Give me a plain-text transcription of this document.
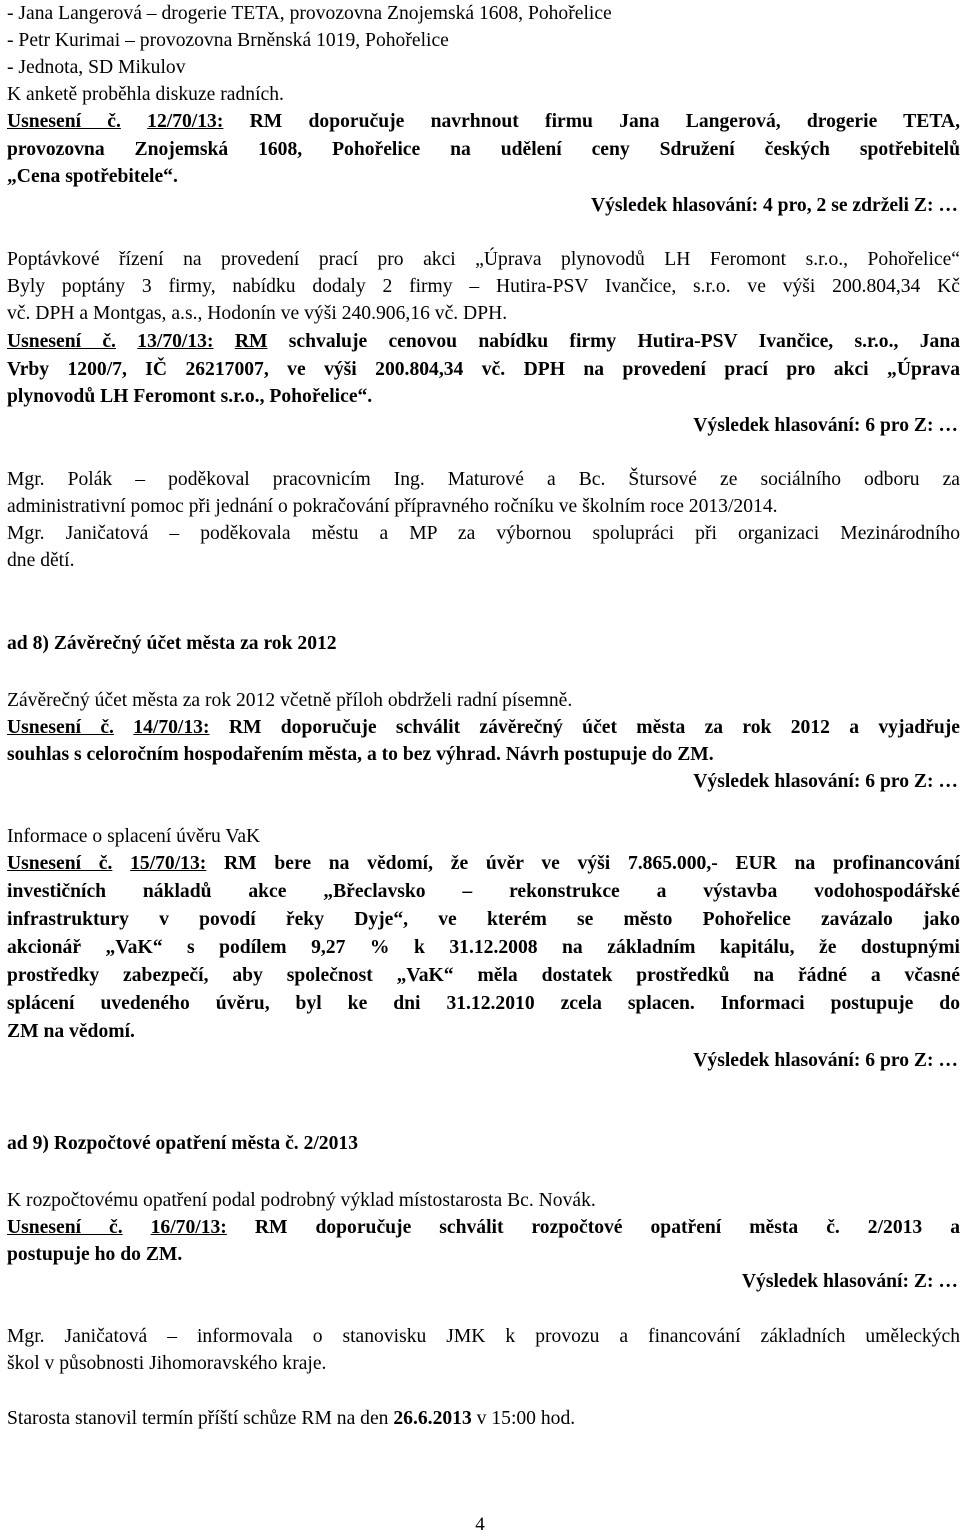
- Jana Langerová – drogerie TETA, provozovna Znojemská 1608, Pohořelice
- Petr Kurimai – provozovna Brněnská 1019, Pohořelice
- Jednota, SD Mikulov
K anketě proběhla diskuze radních.
Usnesení č. 12/70/13: RM doporučuje navrhnout firmu Jana Langerová, drogerie TETA,
provozovna Znojemská 1608, Pohořelice na udělení ceny Sdružení českých spotřebitelů
„Cena spotřebitele“.
Výsledek hlasování: 4 pro, 2 se zdrželi Z: …
Poptávkové řízení na provedení prací pro akci „Úprava plynovodů LH Feromont s.r.o., Pohořelice“
Byly poptány 3 firmy, nabídku dodaly 2 firmy – Hutira-PSV Ivančice, s.r.o. ve výši 200.804,34 Kč
vč. DPH a Montgas, a.s., Hodonín ve výši 240.906,16 vč. DPH.
Usnesení č. 13/70/13: RM schvaluje cenovou nabídku firmy Hutira-PSV Ivančice, s.r.o., Jana
Vrby 1200/7, IČ 26217007, ve výši 200.804,34 vč. DPH na provedení prací pro akci „Úprava
plynovodů LH Feromont s.r.o., Pohořelice“.
Výsledek hlasování: 6 pro Z: …
Mgr. Polák – poděkoval pracovnicím Ing. Maturové a Bc. Štursové ze sociálního odboru za
administrativní pomoc při jednání o pokračování přípravného ročníku ve školním roce 2013/2014.
Mgr. Janičatová – poděkovala městu a MP za výbornou spolupráci při organizaci Mezinárodního
dne dětí.
ad 8) Závěrečný účet města za rok 2012
Závěrečný účet města za rok 2012 včetně příloh obdrželi radní písemně.
Usnesení č. 14/70/13: RM doporučuje schválit závěrečný účet města za rok 2012 a vyjadřuje
souhlas s celoročním hospodařením města, a to bez výhrad. Návrh postupuje do ZM.
Výsledek hlasování: 6 pro Z: …
Informace o splacení úvěru VaK
Usnesení č. 15/70/13: RM bere na vědomí, že úvěr ve výši 7.865.000,- EUR na profinancování
investičních nákladů akce „Břeclavsko – rekonstrukce a výstavba vodohospodářské
infrastruktury v povodí řeky Dyje“, ve kterém se město Pohořelice zavázalo jako
akcionář „VaK“ s podílem 9,27 % k 31.12.2008 na základním kapitálu, že dostupnými
prostředky zabezpečí, aby společnost „VaK“ měla dostatek prostředků na řádné a včasné
splácení uvedeného úvěru, byl ke dni 31.12.2010 zcela splacen. Informaci postupuje do
ZM na vědomí.
Výsledek hlasování: 6 pro Z: …
ad 9) Rozpočtové opatření města č. 2/2013
K rozpočtovému opatření podal podrobný výklad místostarosta Bc. Novák.
Usnesení č. 16/70/13: RM doporučuje schválit rozpočtové opatření města č. 2/2013 a
postupuje ho do ZM.
Výsledek hlasování: Z: …
Mgr. Janičatová – informovala o stanovisku JMK k provozu a financování základních uměleckých
škol v působnosti Jihomoravského kraje.
Starosta stanovil termín příští schůze RM na den 26.6.2013 v 15:00 hod.
4
